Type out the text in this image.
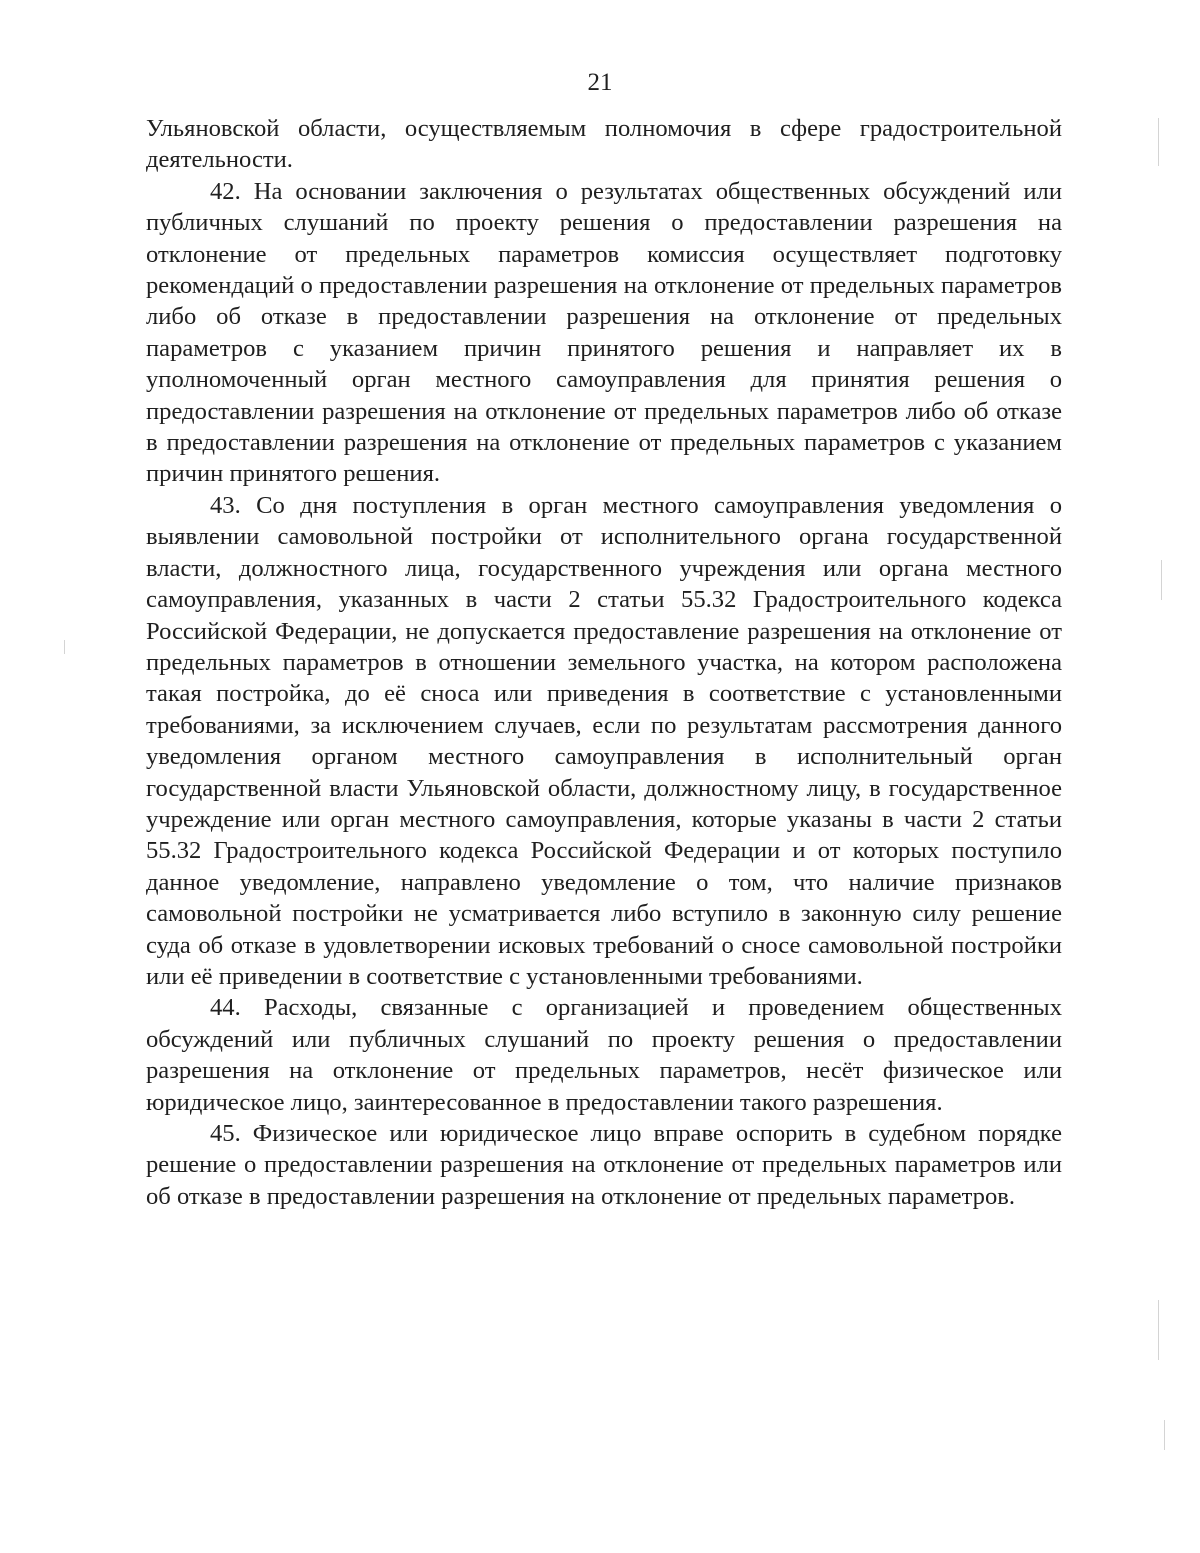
21

Ульяновской области, осуществляемым полномочия в сфере градостроительной деятельности.

42. На основании заключения о результатах общественных обсуждений или публичных слушаний по проекту решения о предоставлении разрешения на отклонение от предельных параметров комиссия осуществляет подготовку рекомендаций о предоставлении разрешения на отклонение от предельных параметров либо об отказе в предоставлении разрешения на отклонение от предельных параметров с указанием причин принятого решения и направляет их в уполномоченный орган местного самоуправления для принятия решения о предоставлении разрешения на отклонение от предельных параметров либо об отказе в предоставлении разрешения на отклонение от предельных параметров с указанием причин принятого решения.

43. Со дня поступления в орган местного самоуправления уведомления о выявлении самовольной постройки от исполнительного органа государственной власти, должностного лица, государственного учреждения или органа местного самоуправления, указанных в части 2 статьи 55.32 Градостроительного кодекса Российской Федерации, не допускается предоставление разрешения на отклонение от предельных параметров в отношении земельного участка, на котором расположена такая постройка, до её сноса или приведения в соответствие с установленными требованиями, за исключением случаев, если по результатам рассмотрения данного уведомления органом местного самоуправления в исполнительный орган государственной власти Ульяновской области, должностному лицу, в государственное учреждение или орган местного самоуправления, которые указаны в части 2 статьи 55.32 Градостроительного кодекса Российской Федерации и от которых поступило данное уведомление, направлено уведомление о том, что наличие признаков самовольной постройки не усматривается либо вступило в законную силу решение суда об отказе в удовлетворении исковых требований о сносе самовольной постройки или её приведении в соответствие с установленными требованиями.

44. Расходы, связанные с организацией и проведением общественных обсуждений или публичных слушаний по проекту решения о предоставлении разрешения на отклонение от предельных параметров, несёт физическое или юридическое лицо, заинтересованное в предоставлении такого разрешения.

45. Физическое или юридическое лицо вправе оспорить в судебном порядке решение о предоставлении разрешения на отклонение от предельных параметров или об отказе в предоставлении разрешения на отклонение от предельных параметров.
